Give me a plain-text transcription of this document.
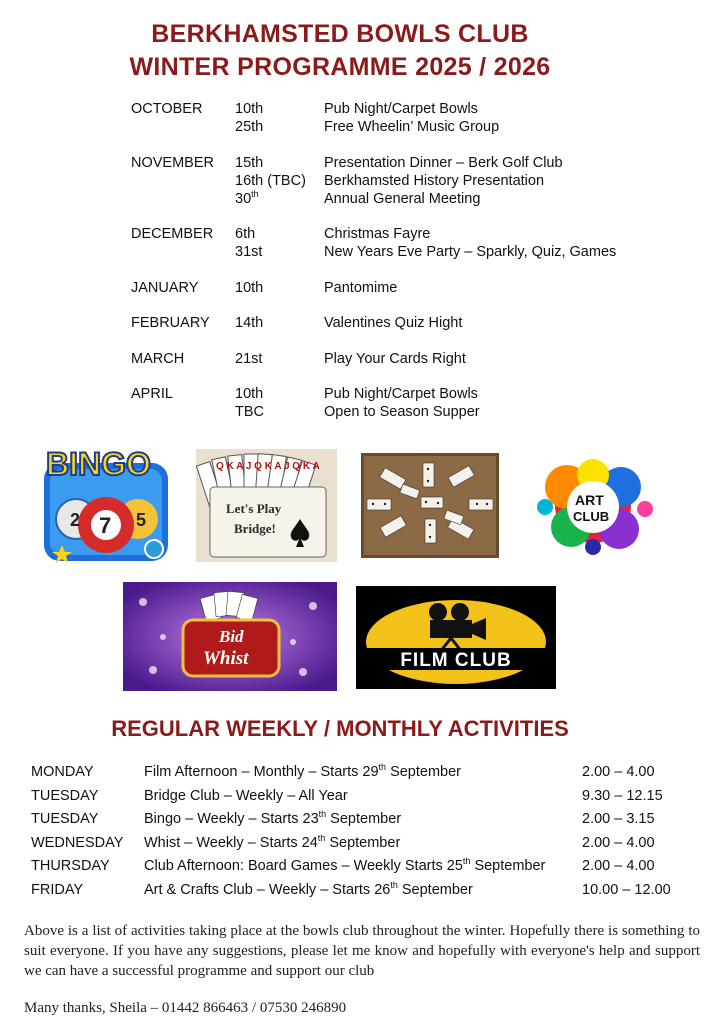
BERKHAMSTED BOWLS CLUB
WINTER PROGRAMME 2025 / 2026
OCTOBER	10th	Pub Night/Carpet Bowls
25th	Free Wheelin’ Music Group
NOVEMBER	15th	Presentation Dinner – Berk Golf Club
16th (TBC)	Berkhamsted History Presentation
30th	Annual General Meeting
DECEMBER	6th	Christmas Fayre
31st	New Years Eve Party – Sparkly, Quiz, Games
JANUARY	10th	Pantomime
FEBRUARY	14th	Valentines Quiz Hight
MARCH	21st	Play Your Cards Right
APRIL	10th	Pub Night/Carpet Bowls
TBC	Open to Season Supper
BINGO
2 7 5
Q K A J Q K A J Q K A
Let's Play
Bridge!
ART
CLUB
Bid
Whist	FILM CLUB
REGULAR WEEKLY / MONTHLY ACTIVITIES
MONDAY	Film Afternoon – Monthly – Starts 29th September	2.00 – 4.00
TUESDAY	Bridge Club – Weekly – All Year	9.30 – 12.15
TUESDAY	Bingo – Weekly – Starts 23th September	2.00 – 3.15
WEDNESDAY	Whist – Weekly – Starts 24th September	2.00 – 4.00
THURSDAY	Club Afternoon: Board Games – Weekly Starts 25th September	2.00 – 4.00
FRIDAY	Art & Crafts Club – Weekly – Starts 26th September	10.00 – 12.00
Above is a list of activities taking place at the bowls club throughout the winter. Hopefully there is something to suit everyone. If you have any suggestions, please let me know and hopefully with everyone's help and support we can have a successful programme and support our club
Many thanks, Sheila – 01442 866463 / 07530 246890
